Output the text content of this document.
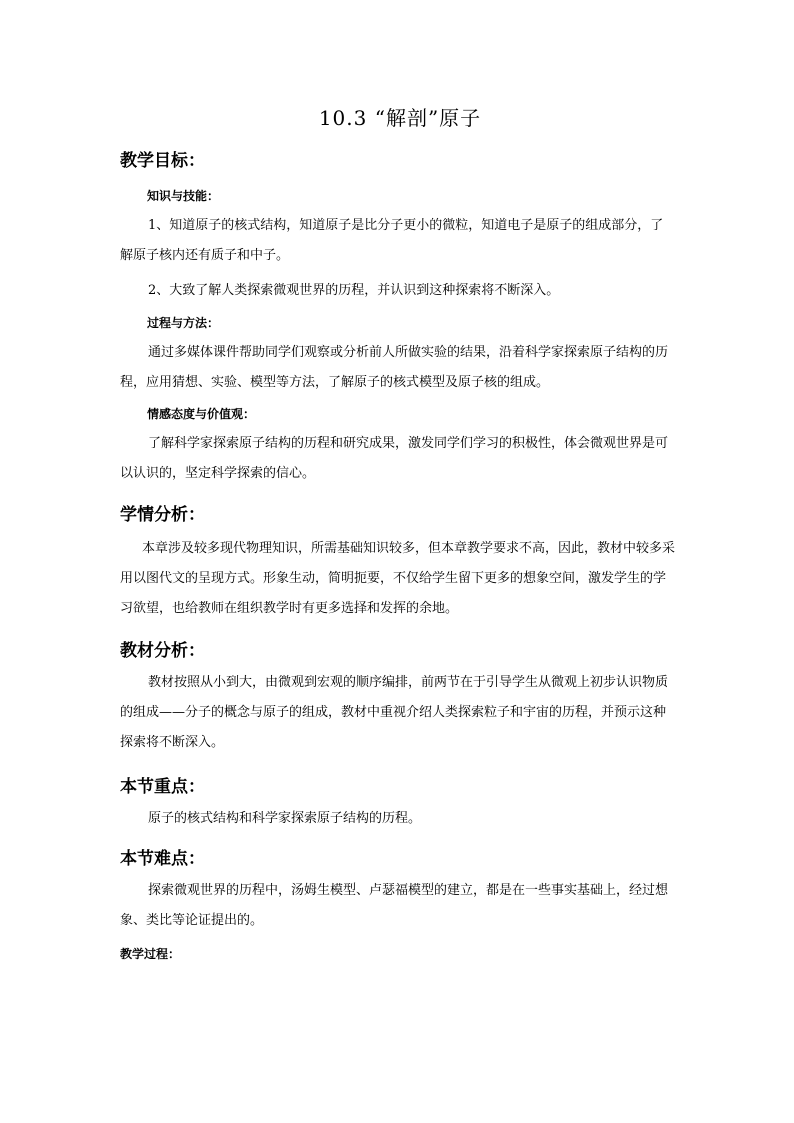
10.3 “解剖”原子
教学目标：
知识与技能：
1、知道原子的核式结构，知道原子是比分子更小的微粒，知道电子是原子的组成部分，了解原子核内还有质子和中子。
2、大致了解人类探索微观世界的历程，并认识到这种探索将不断深入。
过程与方法：
通过多媒体课件帮助同学们观察或分析前人所做实验的结果，沿着科学家探索原子结构的历程，应用猜想、实验、模型等方法，了解原子的核式模型及原子核的组成。
情感态度与价值观：
了解科学家探索原子结构的历程和研究成果，激发同学们学习的积极性，体会微观世界是可以认识的，坚定科学探索的信心。
学情分析：
本章涉及较多现代物理知识，所需基础知识较多，但本章教学要求不高，因此，教材中较多采用以图代文的呈现方式。形象生动，简明扼要，不仅给学生留下更多的想象空间，激发学生的学习欲望，也给教师在组织教学时有更多选择和发挥的余地。
教材分析：
教材按照从小到大，由微观到宏观的顺序编排，前两节在于引导学生从微观上初步认识物质的组成——分子的概念与原子的组成，教材中重视介绍人类探索粒子和宇宙的历程，并预示这种探索将不断深入。
本节重点：
原子的核式结构和科学家探索原子结构的历程。
本节难点：
探索微观世界的历程中，汤姆生模型、卢瑟福模型的建立，都是在一些事实基础上，经过想象、类比等论证提出的。
教学过程：
